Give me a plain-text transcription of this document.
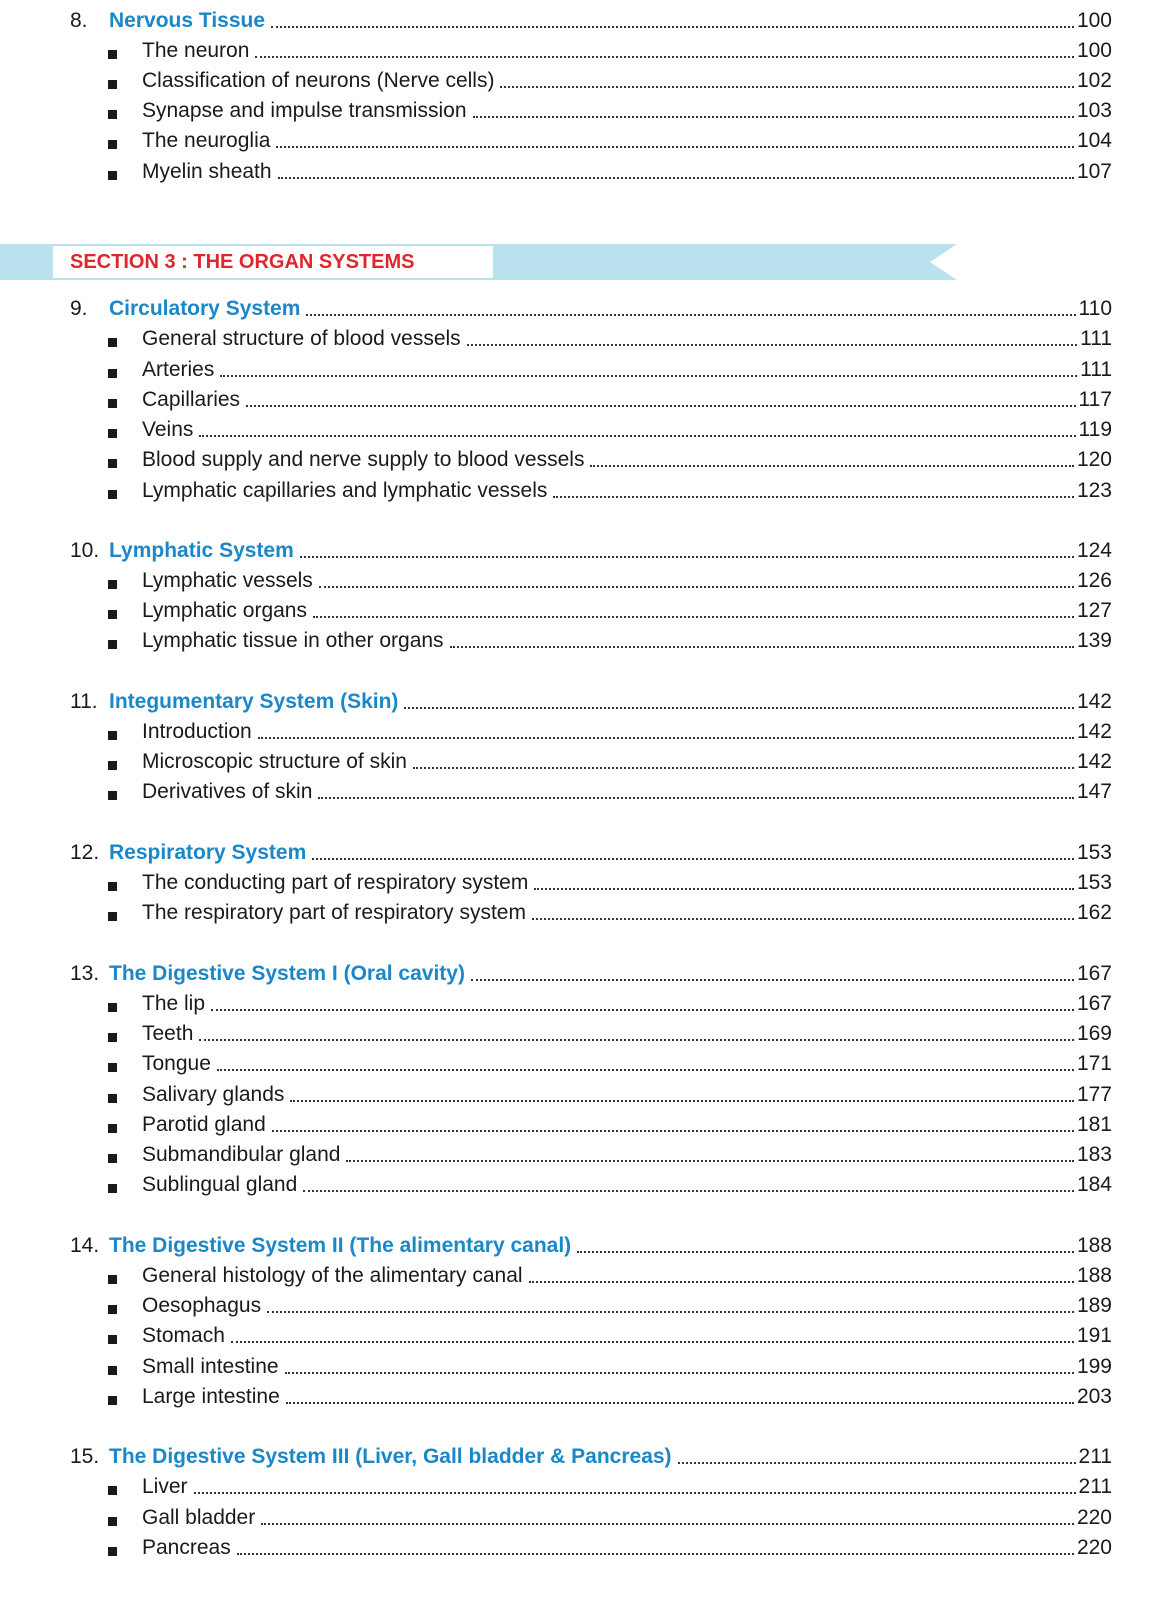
SECTION 3 : THE ORGAN SYSTEMS
8. Nervous Tissue	100
The neuron	100
Classification of neurons (Nerve cells)	102
Synapse and impulse transmission	103
The neuroglia	104
Myelin sheath	107
9. Circulatory System	110
General structure of blood vessels	111
Arteries	111
Capillaries	117
Veins	119
Blood supply and nerve supply to blood vessels	120
Lymphatic capillaries and lymphatic vessels	123
10. Lymphatic System	124
Lymphatic vessels	126
Lymphatic organs	127
Lymphatic tissue in other organs	139
11. Integumentary System (Skin)	142
Introduction	142
Microscopic structure of skin	142
Derivatives of skin	147
12. Respiratory System	153
The conducting part of respiratory system	153
The respiratory part of respiratory system	162
13. The Digestive System I (Oral cavity)	167
The lip	167
Teeth	169
Tongue	171
Salivary glands	177
Parotid gland	181
Submandibular gland	183
Sublingual gland	184
14. The Digestive System II (The alimentary canal)	188
General histology of the alimentary canal	188
Oesophagus	189
Stomach	191
Small intestine	199
Large intestine	203
15. The Digestive System III (Liver, Gall bladder & Pancreas)	211
Liver	211
Gall bladder	220
Pancreas	220
